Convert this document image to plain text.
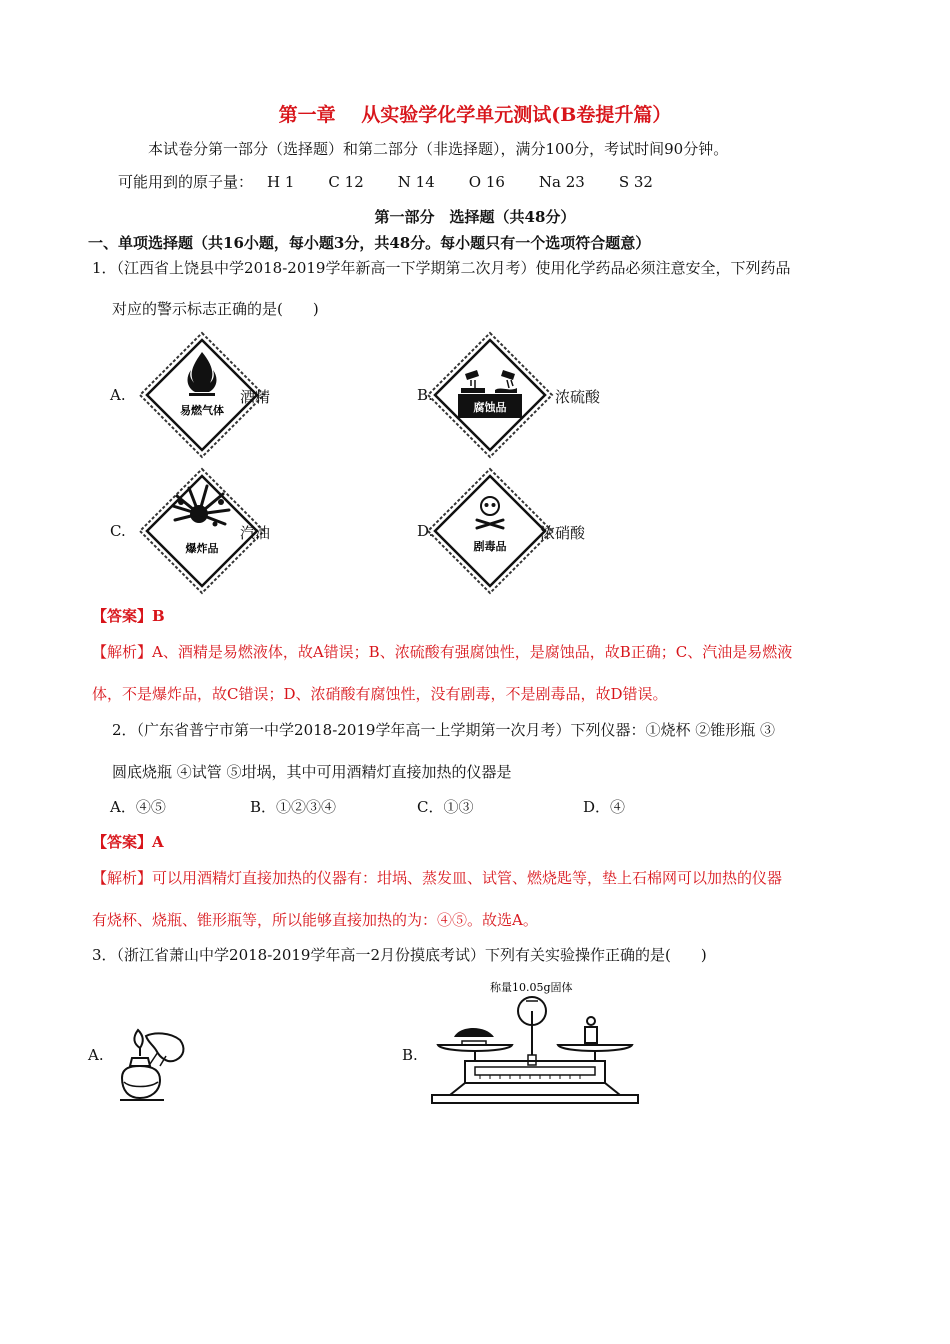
第一章　 从实验学化学单元测试(B卷提升篇）
本试卷分第一部分（选择题）和第二部分（非选择题），满分100分，考试时间90分钟。
可能用到的原子量： H 1 C 12 N 14 O 16 Na 23 S 32
第一部分　选择题（共48分）
一、单项选择题（共16小题，每小题3分，共48分。每小题只有一个选项符合题意）
1．（江西省上饶县中学2018-2019学年新高一下学期第二次月考）使用化学药品必须注意安全，下列药品
对应的警示标志正确的是(　　)
A.
易燃气体
酒精	B.
腐蚀品
浓硫酸
C.
爆炸品
汽油	D.
剧毒品
浓硝酸
【答案】B
【解析】A、酒精是易燃液体，故A错误；B、浓硫酸有强腐蚀性，是腐蚀品，故B正确；C、汽油是易燃液
体，不是爆炸品，故C错误；D、浓硝酸有腐蚀性，没有剧毒，不是剧毒品，故D错误。
2．（广东省普宁市第一中学2018-2019学年高一上学期第一次月考）下列仪器：①烧杯 ②锥形瓶 ③
圆底烧瓶 ④试管 ⑤坩埚，其中可用酒精灯直接加热的仪器是
A．④⑤	B．①②③④	C．①③	D．④
【答案】A
【解析】可以用酒精灯直接加热的仪器有：坩埚、蒸发皿、试管、燃烧匙等，垫上石棉网可以加热的仪器
有烧杯、烧瓶、锥形瓶等，所以能够直接加热的为：④⑤。故选A。
3．（浙江省萧山中学2018-2019学年高一2月份摸底考试）下列有关实验操作正确的是(　　)
A.	B.
称量10.05g固体
